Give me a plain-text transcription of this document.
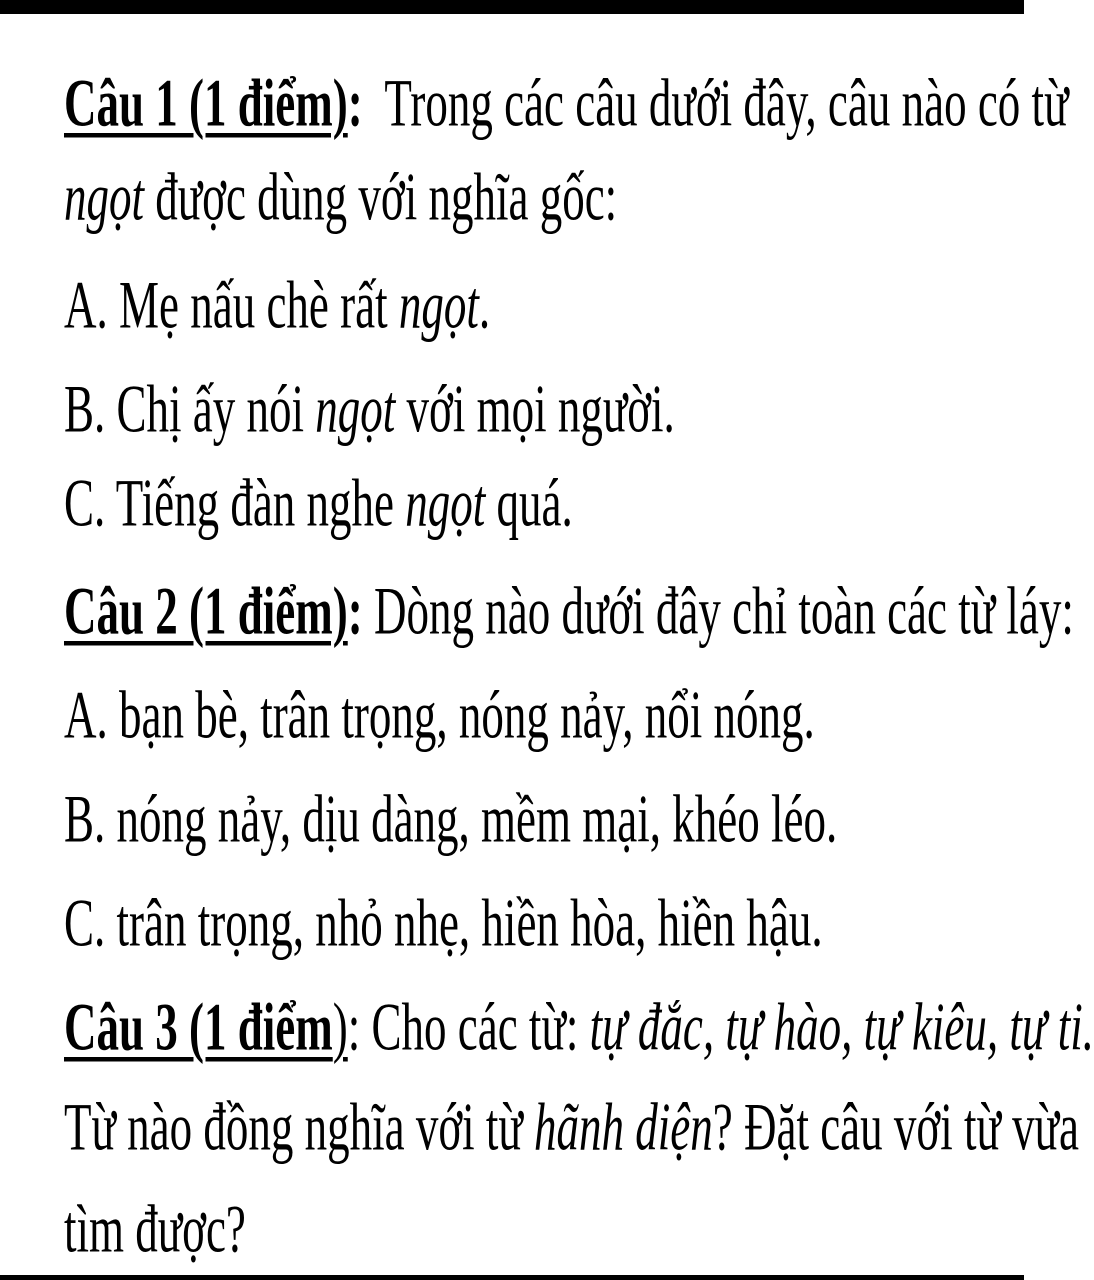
Câu 1 (1 điểm): Trong các câu dưới đây, câu nào có từ
ngọt được dùng với nghĩa gốc:
A. Mẹ nấu chè rất ngọt.
B. Chị ấy nói ngọt với mọi người.
C. Tiếng đàn nghe ngọt quá.
Câu 2 (1 điểm): Dòng nào dưới đây chỉ toàn các từ láy:
A. bạn bè, trân trọng, nóng nảy, nổi nóng.
B. nóng nảy, dịu dàng, mềm mại, khéo léo.
C. trân trọng, nhỏ nhẹ, hiền hòa, hiền hậu.
Câu 3 (1 điểm): Cho các từ: tự đắc, tự hào, tự kiêu, tự ti.
Từ nào đồng nghĩa với từ hãnh diện? Đặt câu với từ vừa
tìm được?
